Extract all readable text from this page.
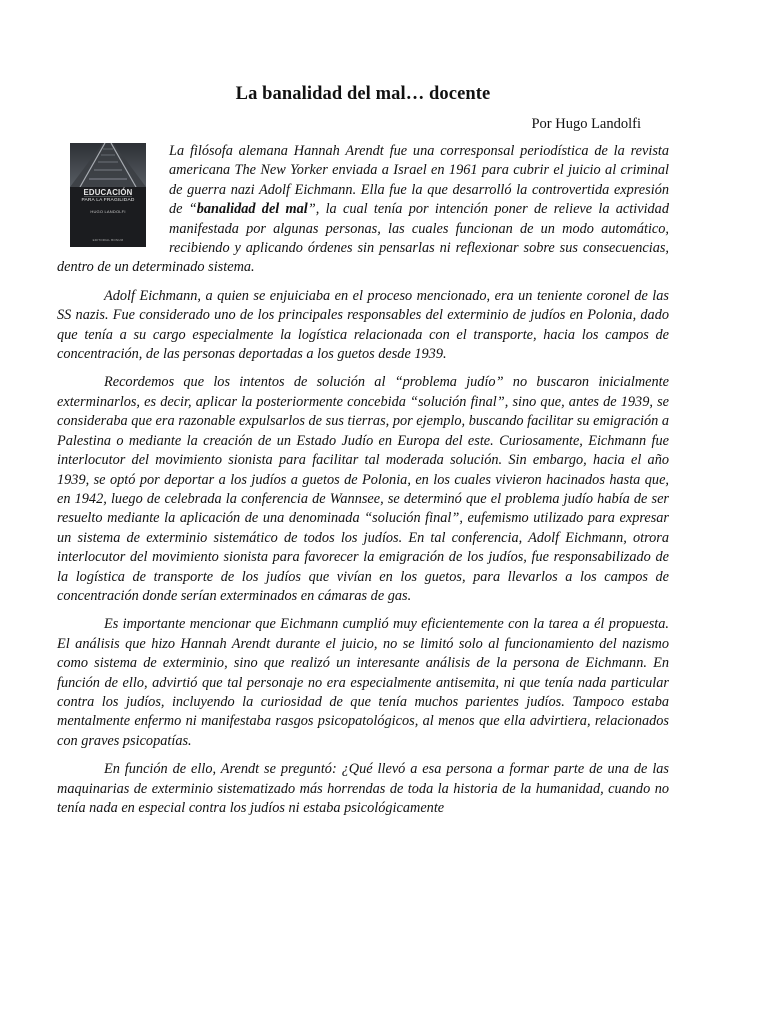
La banalidad del mal… docente
Por Hugo Landolfi

EDUCACIÓN
PARA LA FRAGILIDAD
HUGO LANDOLFI
EDITORIAL BONUM
La filósofa alemana Hannah Arendt fue una corresponsal periodística de la revista americana The New Yorker enviada a Israel en 1961 para cubrir el juicio al criminal de guerra nazi Adolf Eichmann. Ella fue la que desarrolló la controvertida expresión de “banalidad del mal”, la cual tenía por intención poner de relieve la actividad manifestada por algunas personas, las cuales funcionan de un modo automático, recibiendo y aplicando órdenes sin pensarlas ni reflexionar sobre sus consecuencias, dentro de un determinado sistema.

Adolf Eichmann, a quien se enjuiciaba en el proceso mencionado, era un teniente coronel de las SS nazis. Fue considerado uno de los principales responsables del exterminio de judíos en Polonia, dado que tenía a su cargo especialmente la logística relacionada con el transporte, hacia los campos de concentración, de las personas deportadas a los guetos desde 1939.

Recordemos que los intentos de solución al “problema judío” no buscaron inicialmente exterminarlos, es decir, aplicar la posteriormente concebida “solución final”, sino que, antes de 1939, se consideraba que era razonable expulsarlos de sus tierras, por ejemplo, buscando facilitar su emigración a Palestina o mediante la creación de un Estado Judío en Europa del este. Curiosamente, Eichmann fue interlocutor del movimiento sionista para facilitar tal moderada solución. Sin embargo, hacia el año 1939, se optó por deportar a los judíos a guetos de Polonia, en los cuales vivieron hacinados hasta que, en 1942, luego de celebrada la conferencia de Wannsee, se determinó que el problema judío había de ser resuelto mediante la aplicación de una denominada “solución final”, eufemismo utilizado para expresar un sistema de exterminio sistemático de todos los judíos. En tal conferencia, Adolf Eichmann, otrora interlocutor del movimiento sionista para favorecer la emigración de los judíos, fue responsabilizado de la logística de transporte de los judíos que vivían en los guetos, para llevarlos a los campos de concentración donde serían exterminados en cámaras de gas.

Es importante mencionar que Eichmann cumplió muy eficientemente con la tarea a él propuesta. El análisis que hizo Hannah Arendt durante el juicio, no se limitó solo al funcionamiento del nazismo como sistema de exterminio, sino que realizó un interesante análisis de la persona de Eichmann. En función de ello, advirtió que tal personaje no era especialmente antisemita, ni que tenía nada particular contra los judíos, incluyendo la curiosidad de que tenía muchos parientes judíos. Tampoco estaba mentalmente enfermo ni manifestaba rasgos psicopatológicos, al menos que ella advirtiera, relacionados con graves psicopatías.

En función de ello, Arendt se preguntó: ¿Qué llevó a esa persona a formar parte de una de las maquinarias de exterminio sistematizado más horrendas de toda la historia de la humanidad, cuando no tenía nada en especial contra los judíos ni estaba psicológicamente
